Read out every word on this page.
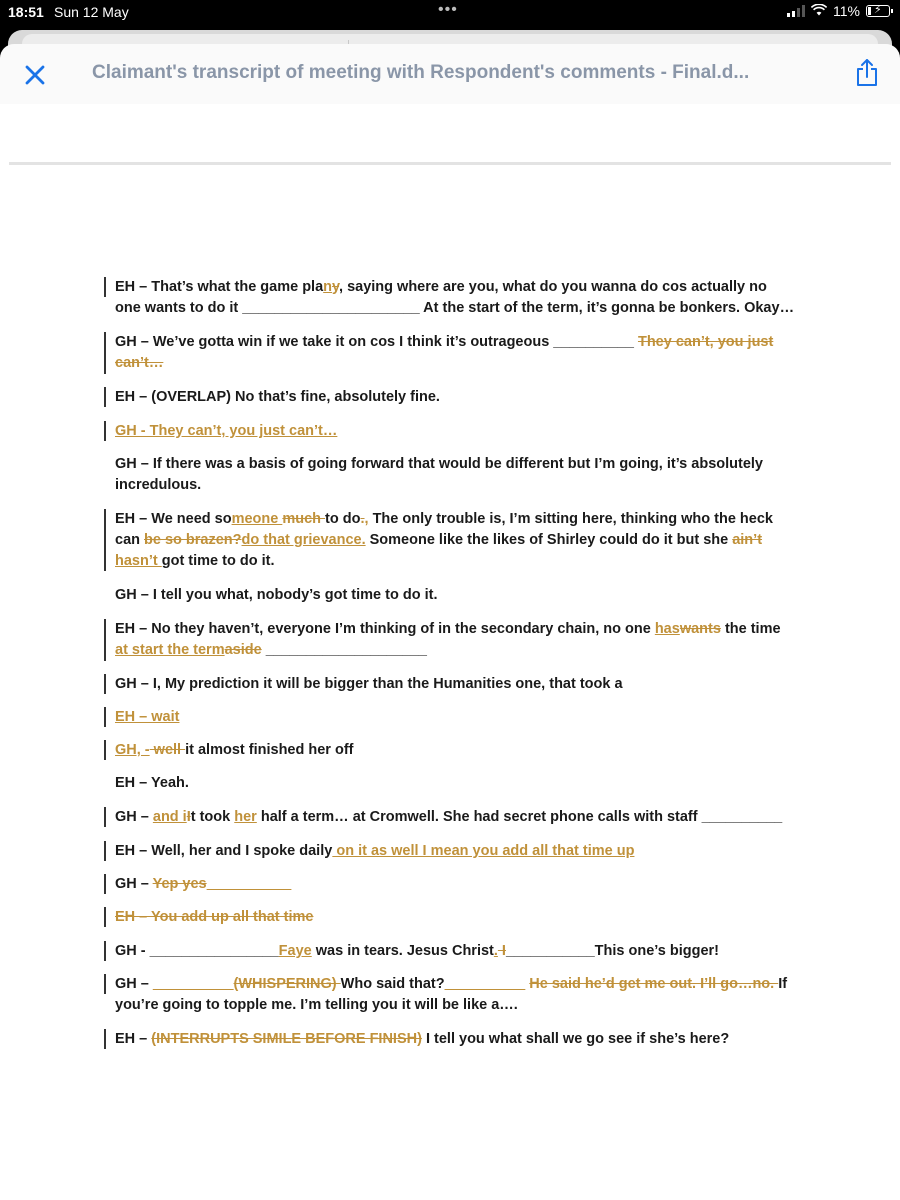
18:51 Sun 12 May	•••	11% ⚡
Claimant's transcript of meeting with Respondent's comments - Final.d...

EH – That’s what the game plany, saying where are you, what do you wanna do cos actually no one wants to do it ______________________ At the start of the term, it’s gonna be bonkers. Okay…

GH – We’ve gotta win if we take it on cos I think it’s outrageous __________ They can’t, you just can’t…

EH – (OVERLAP) No that’s fine, absolutely fine.

GH - They can’t, you just can’t…

GH – If there was a basis of going forward that would be different but I’m going, it’s absolutely incredulous.

EH – We need someone much to do., The only trouble is, I’m sitting here, thinking who the heck can be so brazen?do that grievance. Someone like the likes of Shirley could do it but she ain’t hasn’t got time to do it.

GH – I tell you what, nobody’s got time to do it.

EH – No they haven’t, everyone I’m thinking of in the secondary chain, no one haswants the time at start the termaside ____________________

GH – I, My prediction it will be bigger than the Humanities one, that took a

EH – wait

GH, - well it almost finished her off

EH – Yeah.

GH – and iIt took her half a term… at Cromwell. She had secret phone calls with staff __________

EH – Well, her and I spoke daily on it as well I mean you add all that time up

GH – Yep yes __________

EH – You add up all that time

GH - ________________Faye was in tears. Jesus Christ. I___________This one’s bigger!

GH – __________(WHISPERING) Who said that?__________ He said he’d get me out. I’ll go…no. If you’re going to topple me. I’m telling you it will be like a….

EH – (INTERRUPTS SIMILE BEFORE FINISH) I tell you what shall we go see if she’s here?
